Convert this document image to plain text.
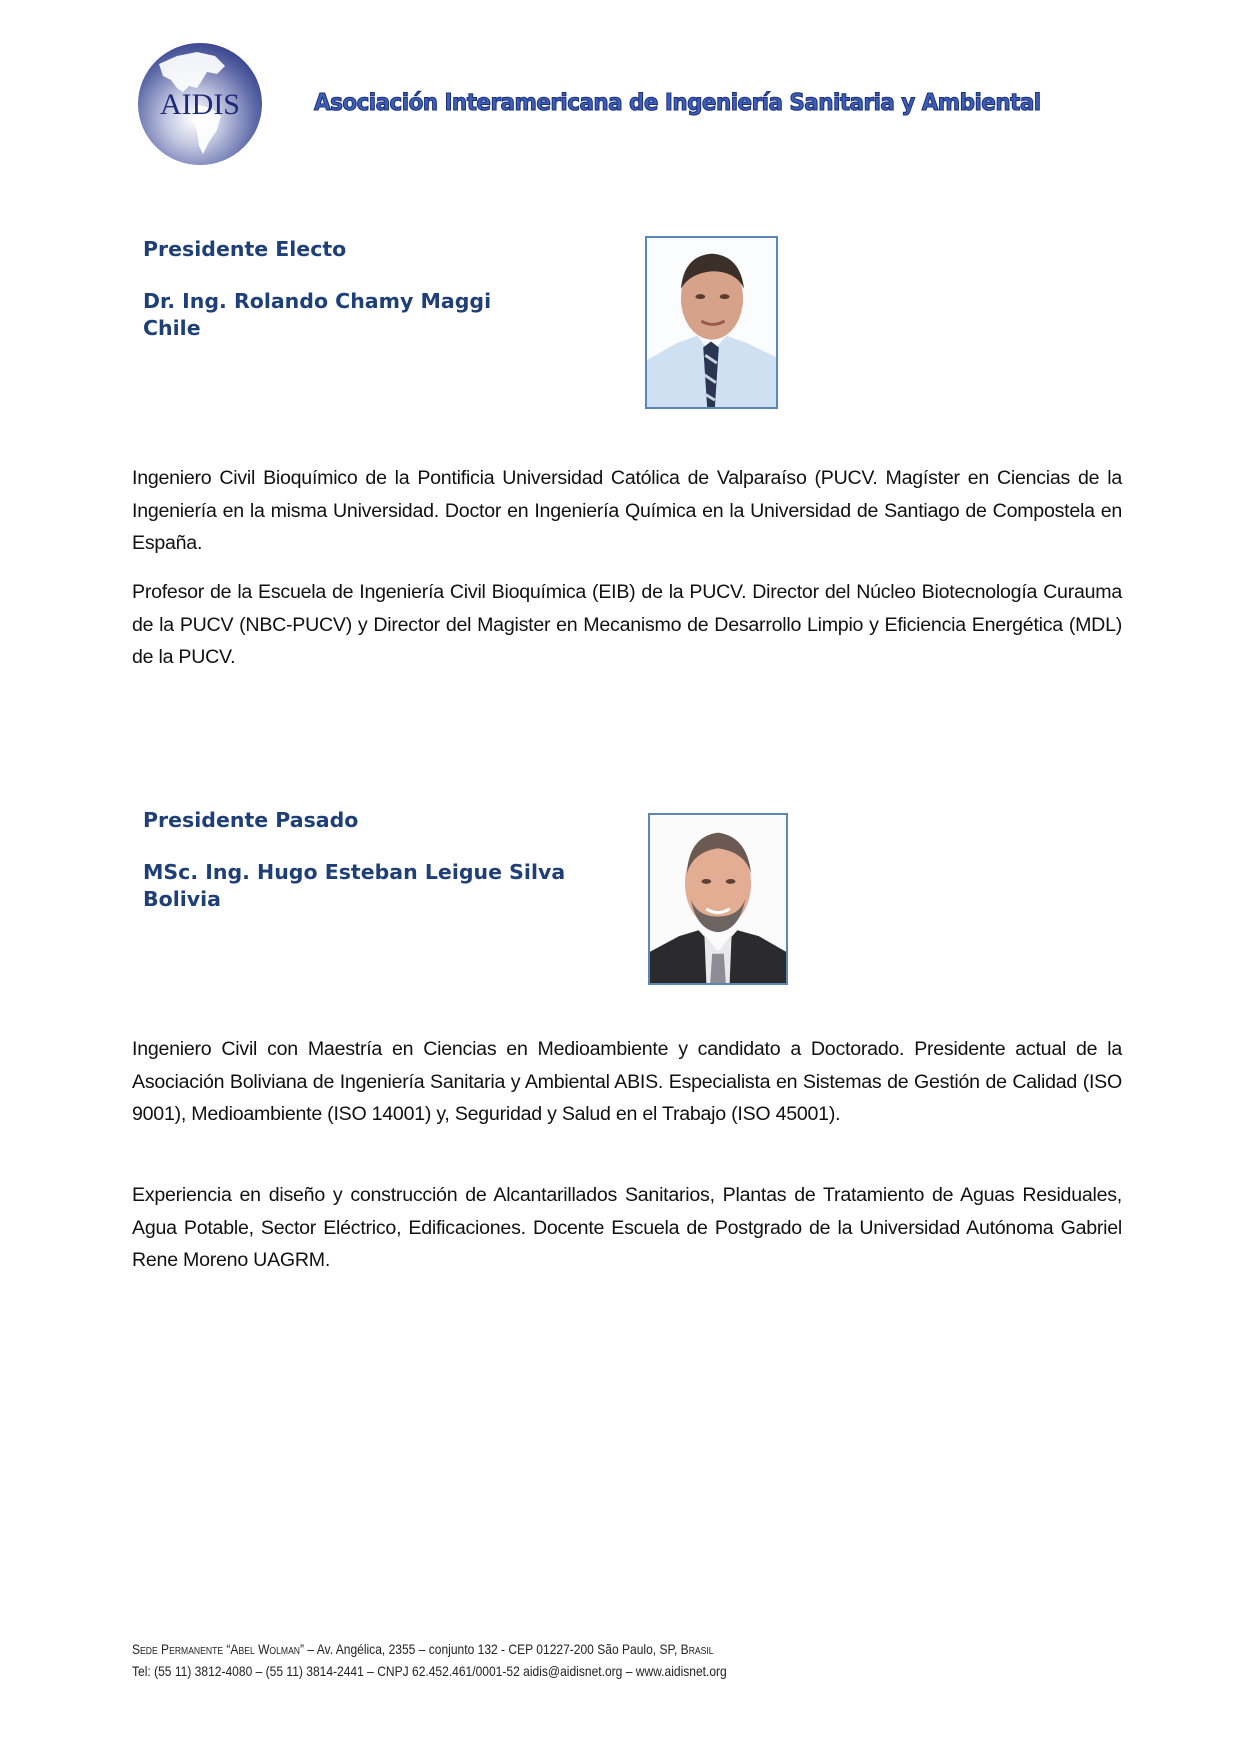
AIDIS	Asociación Interamericana de Ingeniería Sanitaria y Ambiental
Presidente Electo
Dr. Ing. Rolando Chamy Maggi
Chile
Ingeniero Civil Bioquímico de la Pontificia Universidad Católica de Valparaíso (PUCV. Magíster en Ciencias de la Ingeniería en la misma Universidad. Doctor en Ingeniería Química en la Universidad de Santiago de Compostela en España.
Profesor de la Escuela de Ingeniería Civil Bioquímica (EIB) de la PUCV. Director del Núcleo Biotecnología Curauma de la PUCV (NBC-PUCV) y Director del Magister en Mecanismo de Desarrollo Limpio y Eficiencia Energética (MDL) de la PUCV.
Presidente Pasado
MSc. Ing. Hugo Esteban Leigue Silva
Bolivia
Ingeniero Civil con Maestría en Ciencias en Medioambiente y candidato a Doctorado. Presidente actual de la Asociación Boliviana de Ingeniería Sanitaria y Ambiental ABIS. Especialista en Sistemas de Gestión de Calidad (ISO 9001), Medioambiente (ISO 14001) y, Seguridad y Salud en el Trabajo (ISO 45001).
Experiencia en diseño y construcción de Alcantarillados Sanitarios, Plantas de Tratamiento de Aguas Residuales, Agua Potable, Sector Eléctrico, Edificaciones. Docente Escuela de Postgrado de la Universidad Autónoma Gabriel Rene Moreno UAGRM.
Sede Permanente “Abel Wolman” – Av. Angélica, 2355 – conjunto 132 - CEP 01227-200 São Paulo, SP, Brasil
Tel: (55 11) 3812-4080 – (55 11) 3814-2441 – CNPJ 62.452.461/0001-52 aidis@aidisnet.org – www.aidisnet.org
